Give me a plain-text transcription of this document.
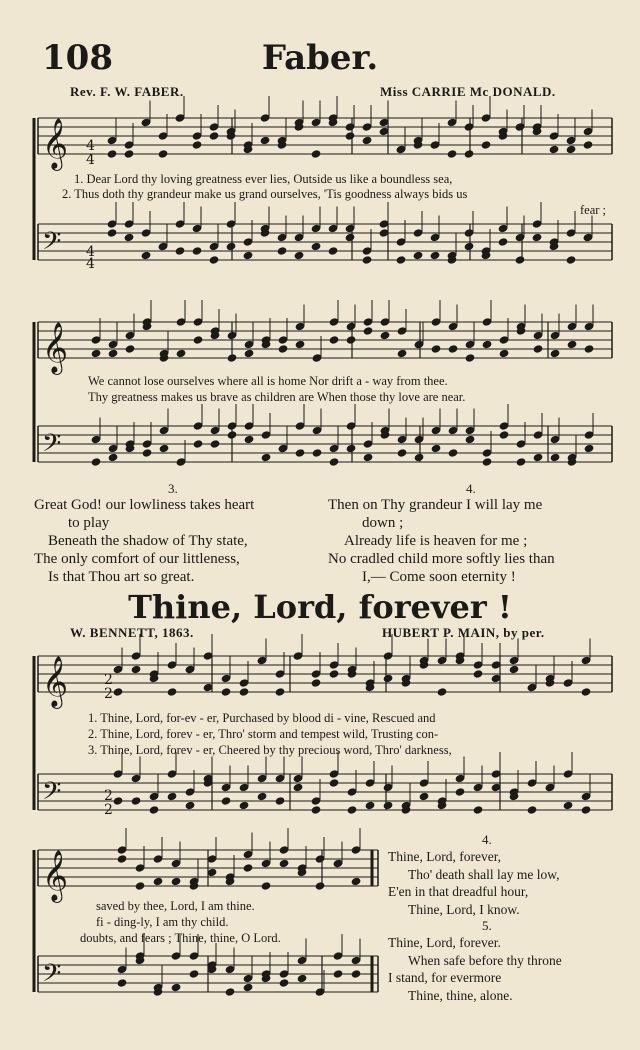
108	Faber.
Rev. F. W. FABER.	Miss CARRIE Mc DONALD.
𝄞
𝄢
𝄞
𝄢
𝄞
𝄢
𝄞
𝄢
4
4
4
4
2
2
2
2
1. Dear Lord thy loving greatness ever lies, Outside us like a boundless sea,
2. Thus doth thy grandeur make us grand ourselves, 'Tis goodness always bids us
fear ;
We cannot lose ourselves where all is home Nor drift a - way from thee.
Thy greatness makes us brave as children are When those thy love are near.
3.
Great God! our lowliness takes heart
to play
Beneath the shadow of Thy state,
The only comfort of our littleness,
Is that Thou art so great.
4.
Then on Thy grandeur I will lay me
down ;
Already life is heaven for me ;
No cradled child more softly lies than
I,— Come soon eternity !
Thine, Lord, forever !
W. BENNETT, 1863.	HUBERT P. MAIN, by per.
1. Thine, Lord, for-ev - er, Purchased by blood di - vine, Rescued and
2. Thine, Lord, forev - er, Thro' storm and tempest wild, Trusting con-
3. Thine, Lord, forev - er, Cheered by thy precious word, Thro' darkness,
saved by thee, Lord, I am thine.
fi - ding-ly, I am thy child.
doubts, and fears ; Thine, thine, O Lord.
4.
Thine, Lord, forever,
Tho' death shall lay me low,
E'en in that dreadful hour,
Thine, Lord, I know.
5.
Thine, Lord, forever.
When safe before thy throne
I stand, for evermore
Thine, thine, alone.
